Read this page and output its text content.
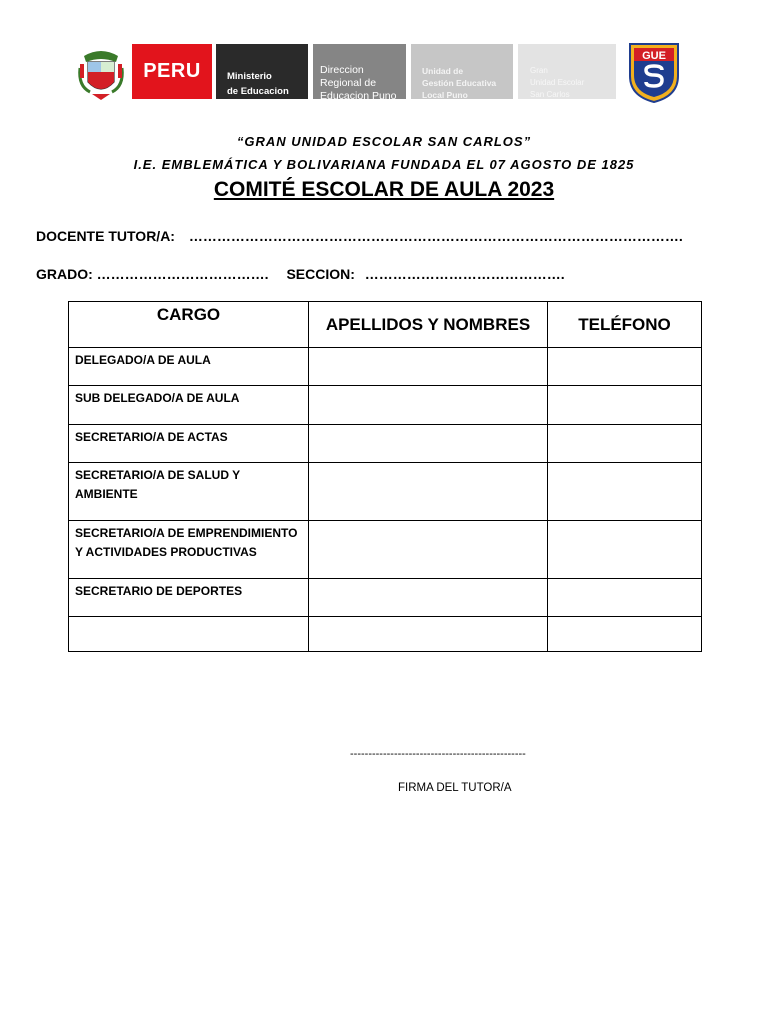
PERU	Ministerio
de Educacion

Direccion
Regional de
Educacion Puno

Unidad de
Gestión Educativa
Local Puno

Gran
Unidad Escolar
San Carlos

GUE
“GRAN UNIDAD ESCOLAR SAN CARLOS”
I.E. EMBLEMÁTICA Y BOLIVARIANA FUNDADA EL 07 AGOSTO DE 1825
COMITÉ ESCOLAR DE AULA 2023
DOCENTE TUTOR/A: …………………………………………………………………………………………….
GRADO: ………………………………. SECCION: …………………………………….
CARGO	APELLIDOS Y NOMBRES	TELÉFONO
DELEGADO/A DE AULA		
SUB DELEGADO/A DE AULA		
SECRETARIO/A DE ACTAS		
SECRETARIO/A DE SALUD Y AMBIENTE		
SECRETARIO/A DE EMPRENDIMIENTO Y ACTIVIDADES PRODUCTIVAS		
SECRETARIO DE DEPORTES		

------------------------------------------------
FIRMA DEL TUTOR/A
